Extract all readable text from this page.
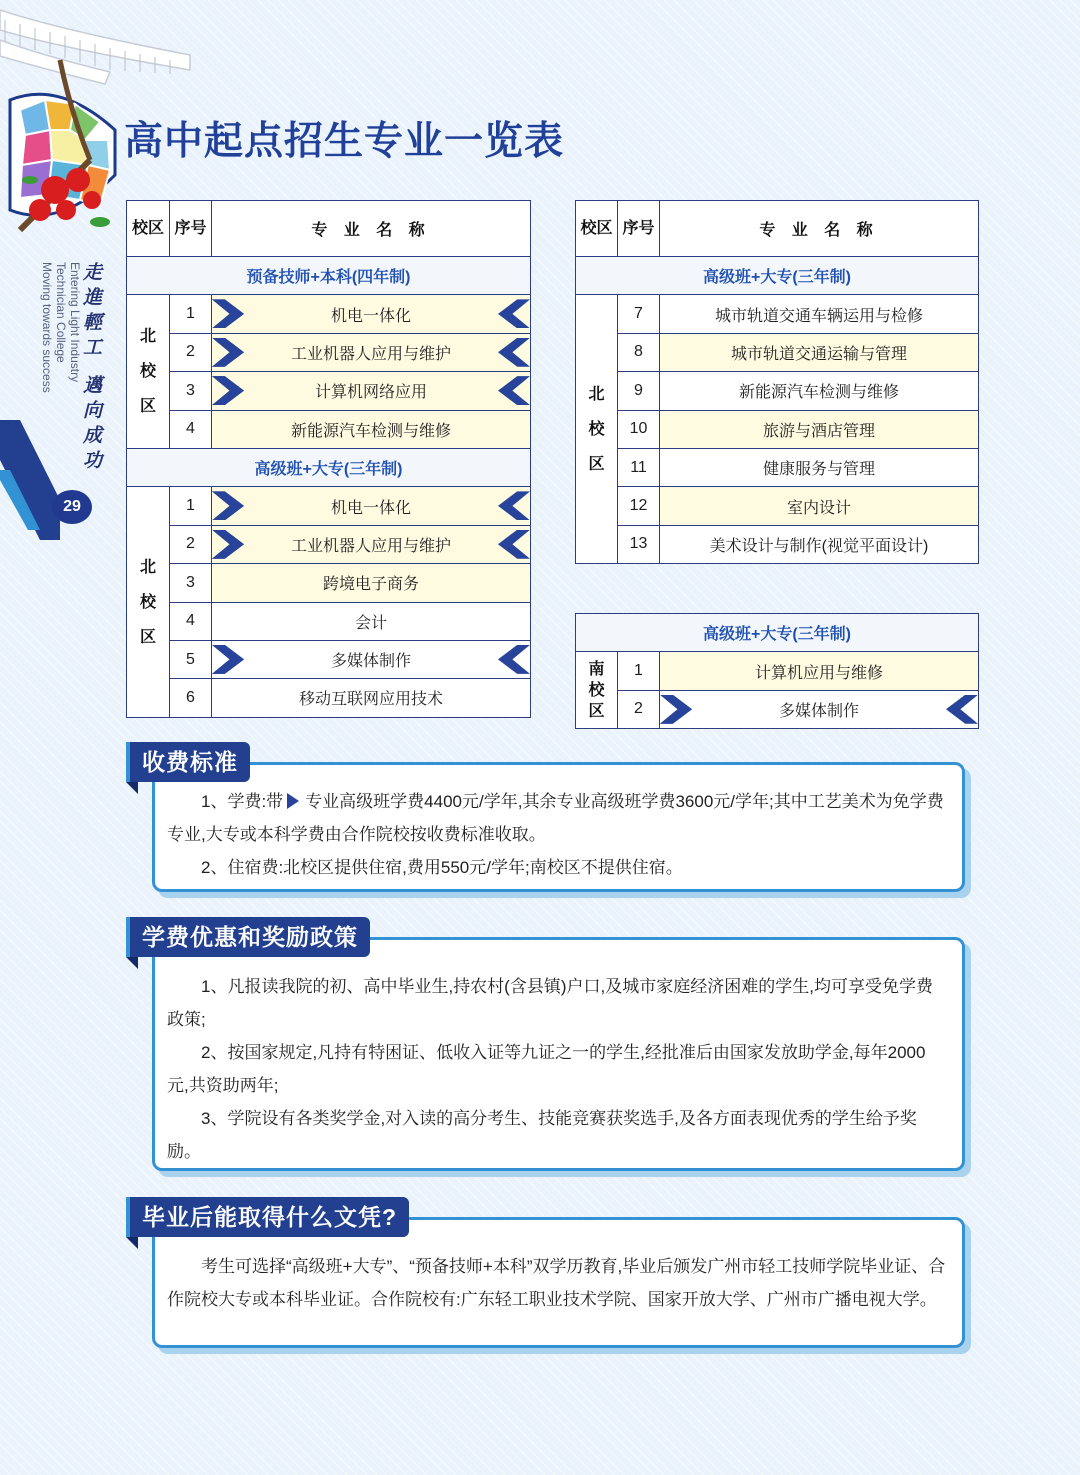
Entering Light Industry
Technician College
Moving towards success 走進輕工 邁向成功
29
高中起点招生专业一览表
校区	序号	专 业 名 称
预备技师+本科(四年制)		

北校区	1	机电一体化
	2	工业机器人应用与维护
	3	计算机网络应用
	4	新能源汽车检测与维修
高级班+大专(三年制)		

北校区	1	机电一体化
	2	工业机器人应用与维护
	3	跨境电子商务
	4	会计
	5	多媒体制作
	6	移动互联网应用技术
校区	序号	专 业 名 称
高级班+大专(三年制)		

北校区	7	城市轨道交通车辆运用与检修
	8	城市轨道交通运输与管理
	9	新能源汽车检测与维修
	10	旅游与酒店管理
	11	健康服务与管理
	12	室内设计
	13	美术设计与制作(视觉平面设计)
高级班+大专(三年制)		

南校区	1	计算机应用与维修
	2	多媒体制作

1、学费:带 专业高级班学费4400元/学年,其余专业高级班学费3600元/学年;其中工艺美术为免学费专业,大专或本科学费由合作院校按收费标准收取。

2、住宿费:北校区提供住宿,费用550元/学年;南校区不提供住宿。

收费标准

1、凡报读我院的初、高中毕业生,持农村(含县镇)户口,及城市家庭经济困难的学生,均可享受免学费政策;

2、按国家规定,凡持有特困证、低收入证等九证之一的学生,经批准后由国家发放助学金,每年2000元,共资助两年;

3、学院设有各类奖学金,对入读的高分考生、技能竞赛获奖选手,及各方面表现优秀的学生给予奖励。

学费优惠和奖励政策

考生可选择“高级班+大专”、“预备技师+本科”双学历教育,毕业后颁发广州市轻工技师学院毕业证、合作院校大专或本科毕业证。合作院校有:广东轻工职业技术学院、国家开放大学、广州市广播电视大学。

毕业后能取得什么文凭?
